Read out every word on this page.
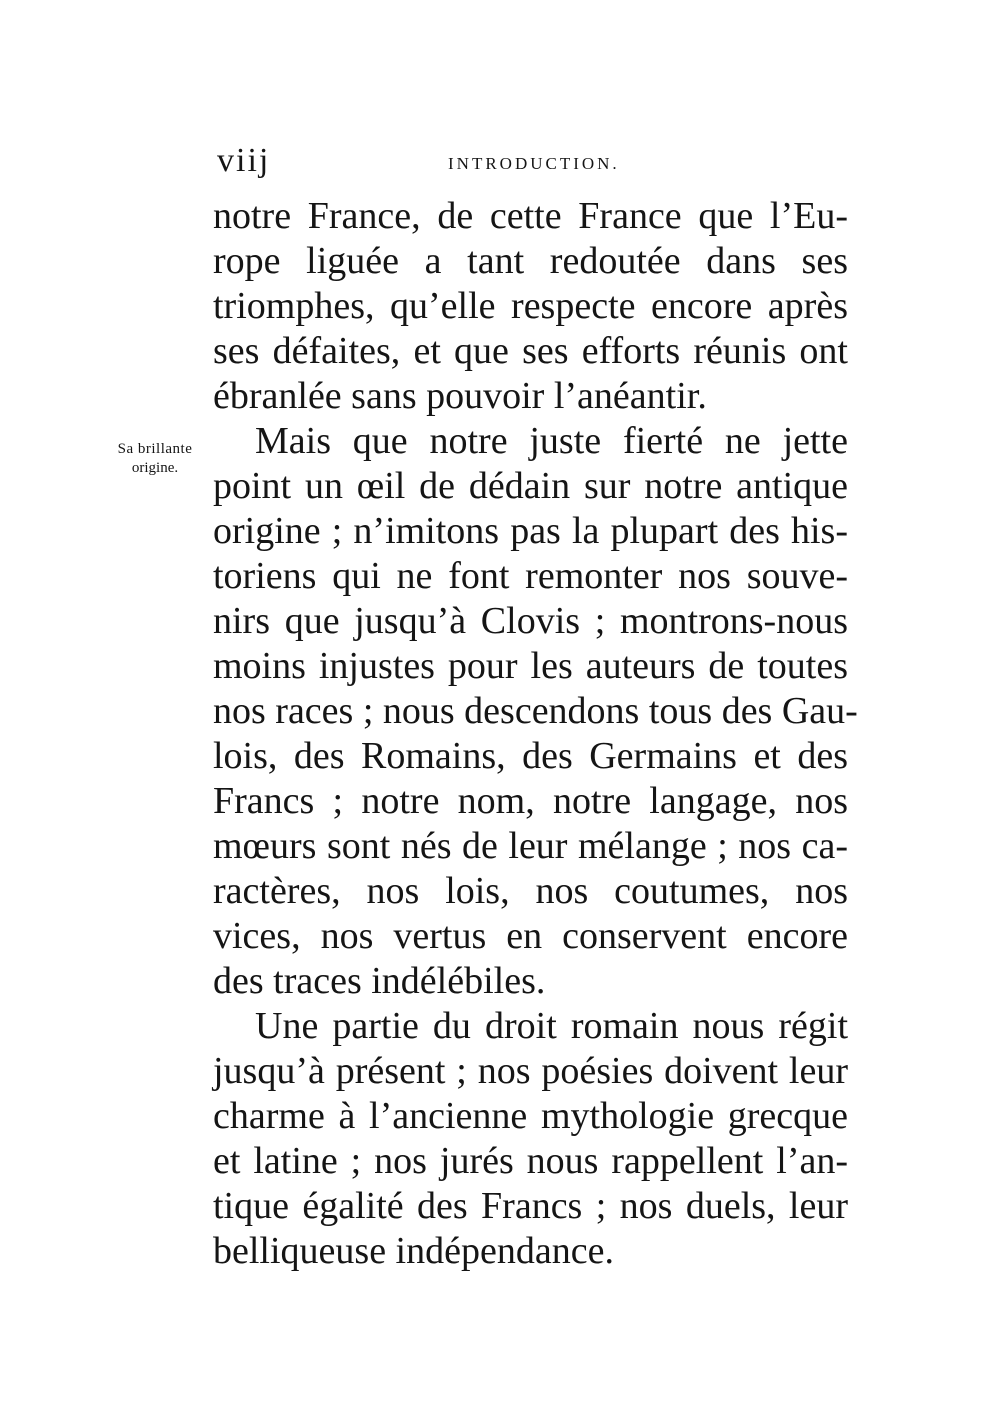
viij	INTRODUCTION.
Sa brillante
origine.
notre France, de cette France que l’Eu-
rope liguée a tant redoutée dans ses
triomphes, qu’elle respecte encore après
ses défaites, et que ses efforts réunis ont
ébranlée sans pouvoir l’anéantir.
Mais que notre juste fierté ne jette
point un œil de dédain sur notre antique
origine ; n’imitons pas la plupart des his-
toriens qui ne font remonter nos souve-
nirs que jusqu’à Clovis ; montrons-nous
moins injustes pour les auteurs de toutes
nos races ; nous descendons tous des Gau-
lois, des Romains, des Germains et des
Francs ; notre nom, notre langage, nos
mœurs sont nés de leur mélange ; nos ca-
ractères, nos lois, nos coutumes, nos
vices, nos vertus en conservent encore
des traces indélébiles.
Une partie du droit romain nous régit
jusqu’à présent ; nos poésies doivent leur
charme à l’ancienne mythologie grecque
et latine ; nos jurés nous rappellent l’an-
tique égalité des Francs ; nos duels, leur
belliqueuse indépendance.
